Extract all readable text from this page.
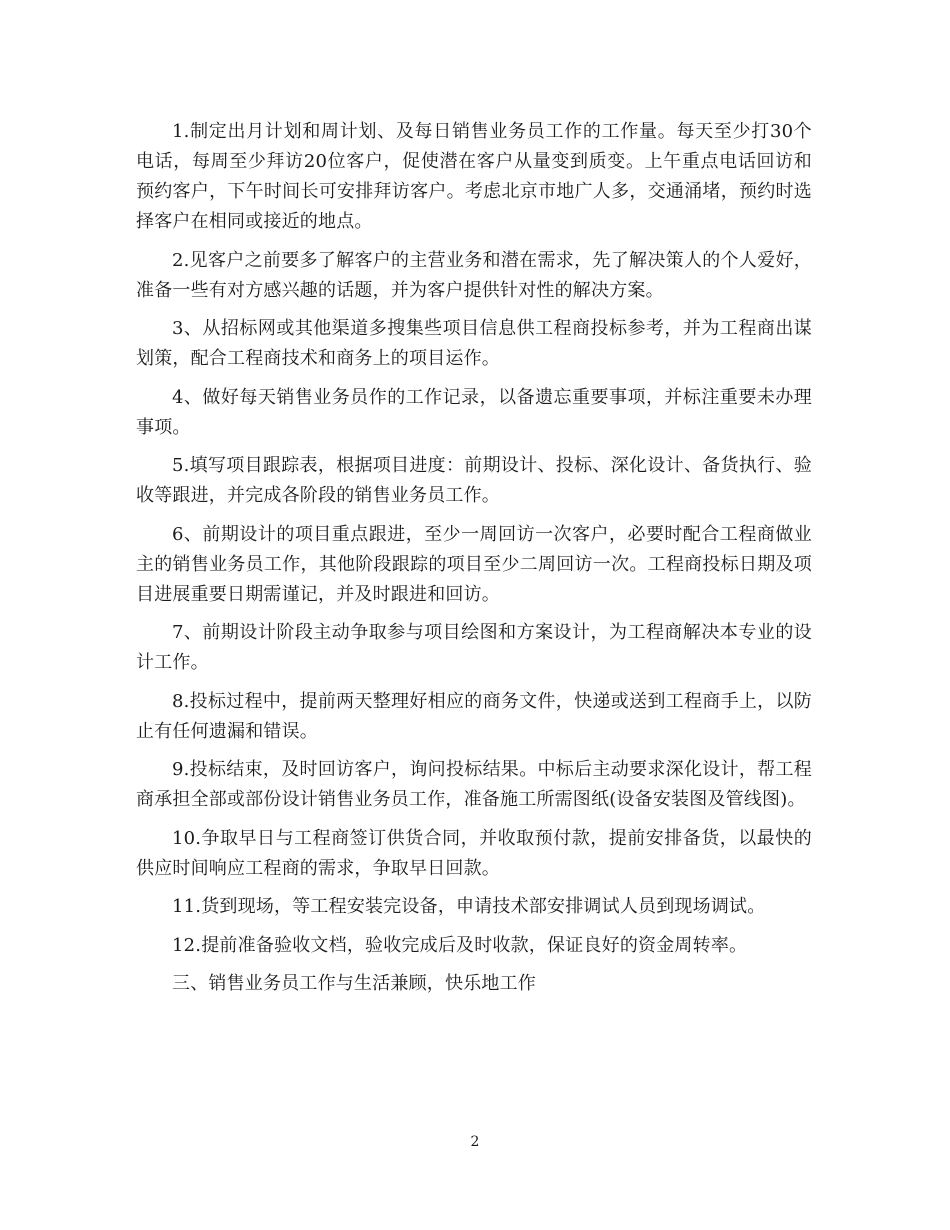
1.制定出月计划和周计划、及每日销售业务员工作的工作量。每天至少打30个电话，每周至少拜访20位客户，促使潜在客户从量变到质变。上午重点电话回访和预约客户，下午时间长可安排拜访客户。考虑北京市地广人多，交通涌堵，预约时选择客户在相同或接近的地点。

2.见客户之前要多了解客户的主营业务和潜在需求，先了解决策人的个人爱好，准备一些有对方感兴趣的话题，并为客户提供针对性的解决方案。

3、从招标网或其他渠道多搜集些项目信息供工程商投标参考，并为工程商出谋划策，配合工程商技术和商务上的项目运作。

4、做好每天销售业务员作的工作记录，以备遗忘重要事项，并标注重要未办理事项。

5.填写项目跟踪表，根据项目进度：前期设计、投标、深化设计、备货执行、验收等跟进，并完成各阶段的销售业务员工作。

6、前期设计的项目重点跟进，至少一周回访一次客户，必要时配合工程商做业主的销售业务员工作，其他阶段跟踪的项目至少二周回访一次。工程商投标日期及项目进展重要日期需谨记，并及时跟进和回访。

7、前期设计阶段主动争取参与项目绘图和方案设计，为工程商解决本专业的设计工作。

8.投标过程中，提前两天整理好相应的商务文件，快递或送到工程商手上，以防止有任何遗漏和错误。

9.投标结束，及时回访客户，询问投标结果。中标后主动要求深化设计，帮工程商承担全部或部份设计销售业务员工作，准备施工所需图纸(设备安装图及管线图)。

10.争取早日与工程商签订供货合同，并收取预付款，提前安排备货，以最快的供应时间响应工程商的需求，争取早日回款。

11.货到现场，等工程安装完设备，申请技术部安排调试人员到现场调试。

12.提前准备验收文档，验收完成后及时收款，保证良好的资金周转率。

三、销售业务员工作与生活兼顾，快乐地工作

2
